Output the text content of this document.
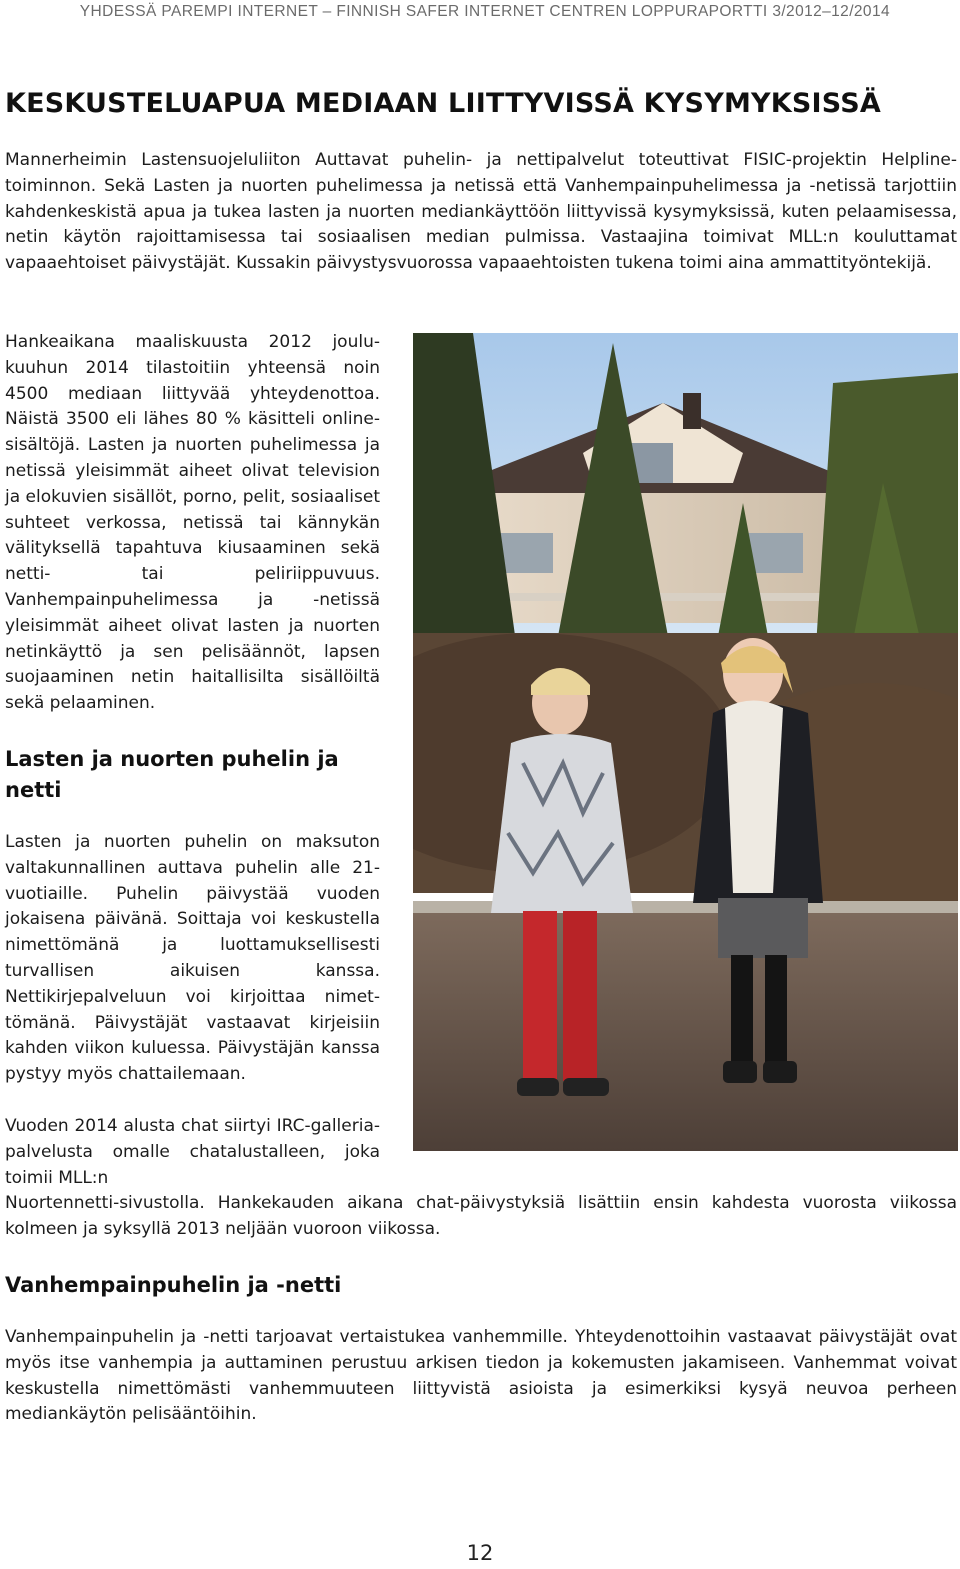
YHDESSÄ PAREMPI INTERNET – FINNISH SAFER INTERNET CENTREN LOPPURAPORTTI 3/2012–12/2014
KESKUSTELUAPUA MEDIAAN LIITTYVISSÄ KYSYMYKSISSÄ

Mannerheimin Lastensuojeluliiton Auttavat puhelin- ja nettipalvelut toteuttivat FISIC-projektin Helpline-toiminnon. Sekä Lasten ja nuorten puhelimessa ja netissä että Vanhempainpuhelimessa ja -netissä tarjottiin kahdenkeskistä apua ja tukea lasten ja nuorten mediankäyttöön liittyvissä kysymyksissä, kuten pelaamisessa, netin käytön rajoittamisessa tai sosiaalisen median pulmissa. Vastaajina toimivat MLL:n kouluttamat vapaaehtoiset päivystäjät. Kussakin päivystysvuorossa vapaaehtoisten tukena toimi aina ammattityöntekijä.

Hankeaikana maaliskuusta 2012 joulukuuhun 2014 tilastoitiin yhteensä noin 4500 mediaan liittyvää yhteydenottoa. Näistä 3500 eli lähes 80 % käsitteli online-sisältöjä. Lasten ja nuorten puhelimessa ja netissä yleisimmät aiheet olivat television ja elokuvien sisällöt, porno, pelit, sosiaaliset suhteet verkossa, netissä tai kännykän välityksellä tapahtuva kiusaaminen sekä netti- tai peliriippuvuus. Vanhempainpuhelimessa ja -netissä yleisimmät aiheet olivat lasten ja nuorten netinkäyttö ja sen pelisäännöt, lapsen suojaaminen netin haitallisilta sisällöiltä sekä pelaaminen.

Lasten ja nuorten puhelin ja netti

Lasten ja nuorten puhelin on maksuton valtakunnallinen auttava puhelin alle 21-vuotiaille. Puhelin päivystää vuoden jokaisena päivänä. Soittaja voi keskustella nimettömänä ja luottamuksellisesti turvallisen aikuisen kanssa. Nettikirjepalveluun voi kirjoittaa nimettömänä. Päivystäjät vastaavat kirjeisiin kahden viikon kuluessa. Päivystäjän kanssa pystyy myös chattailemaan.

Vuoden 2014 alusta chat siirtyi IRC-galleria-palvelusta omalle chatalustalleen, joka toimii MLL:n

Nuortennetti-sivustolla. Hankekauden aikana chat-päivystyksiä lisättiin ensin kahdesta vuorosta viikossa kolmeen ja syksyllä 2013 neljään vuoroon viikossa.

Vanhempainpuhelin ja -netti

Vanhempainpuhelin ja -netti tarjoavat vertaistukea vanhemmille. Yhteydenottoihin vastaavat päivystäjät ovat myös itse vanhempia ja auttaminen perustuu arkisen tiedon ja kokemusten jakamiseen. Vanhemmat voivat keskustella nimettömästi vanhemmuuteen liittyvistä asioista ja esimerkiksi kysyä neuvoa perheen mediankäytön pelisääntöihin.

12
